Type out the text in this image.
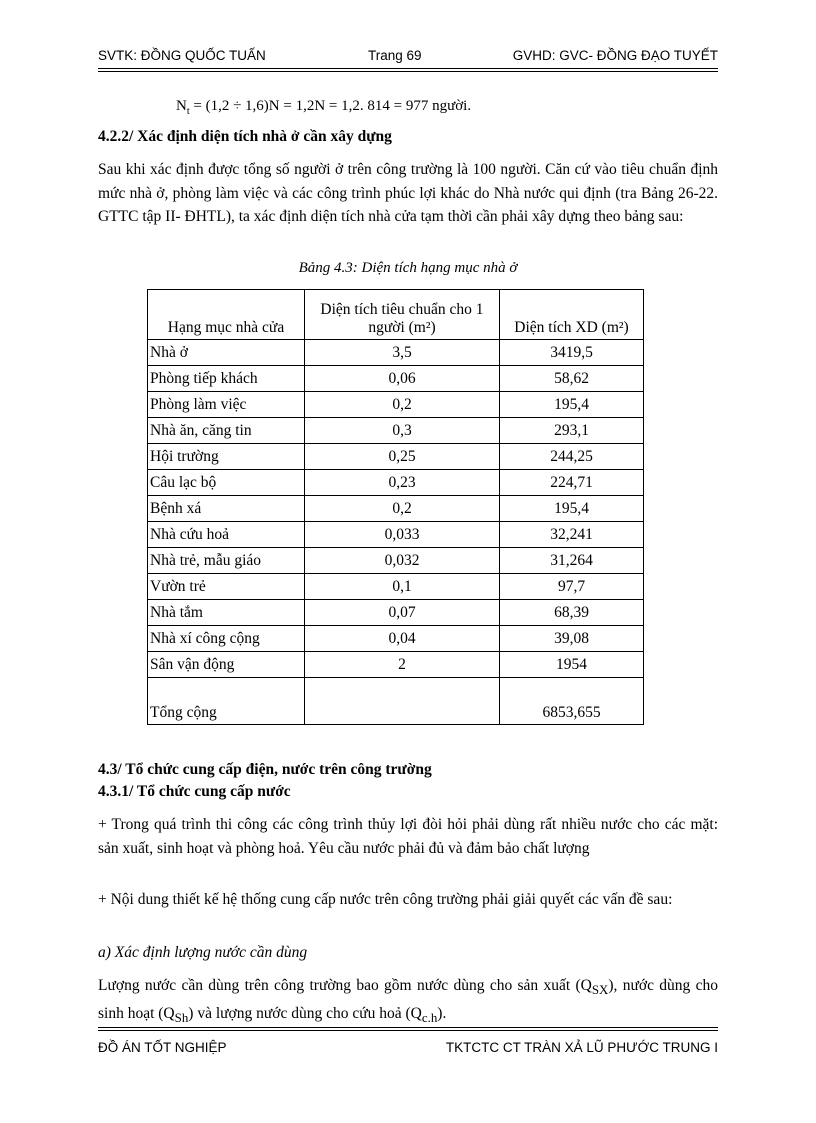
SVTK: ĐỒNG QUỐC TUẤN	Trang 69	GVHD: GVC- ĐỒNG ĐẠO TUYẾT
$N_t = (1,2 \div 1,6)N = 1,2N = 1,2$. 814 = 977 người.
4.2.2/ Xác định diện tích nhà ở cần xây dựng
Sau khi xác định được tổng số người ở trên công trường là 100 người. Căn cứ vào tiêu chuẩn định mức nhà ở, phòng làm việc và các công trình phúc lợi khác do Nhà nước qui định (tra Bảng 26-22. GTTC tập II- ĐHTL), ta xác định diện tích nhà cửa tạm thời cần phải xây dựng theo bảng sau:
Bảng 4.3: Diện tích hạng mục nhà ở
Hạng mục nhà cửa	Diện tích tiêu chuẩn cho 1 người (m²)	Diện tích XD (m²)
Nhà ở	3,5	3419,5
Phòng tiếp khách	0,06	58,62
Phòng làm việc	0,2	195,4
Nhà ăn, căng tin	0,3	293,1
Hội trường	0,25	244,25
Câu lạc bộ	0,23	224,71
Bệnh xá	0,2	195,4
Nhà cứu hoả	0,033	32,241
Nhà trẻ, mẫu giáo	0,032	31,264
Vườn trẻ	0,1	97,7
Nhà tắm	0,07	68,39
Nhà xí công cộng	0,04	39,08
Sân vận động	2	1954
Tổng cộng		6853,655
4.3/ Tổ chức cung cấp điện, nước trên công trường
4.3.1/ Tổ chức cung cấp nước
+ Trong quá trình thi công các công trình thủy lợi đòi hỏi phải dùng rất nhiều nước cho các mặt: sản xuất, sinh hoạt và phòng hoả. Yêu cầu nước phải đủ và đảm bảo chất lượng
+ Nội dung thiết kế hệ thống cung cấp nước trên công trường phải giải quyết các vấn đề sau:
a) Xác định lượng nước cần dùng
Lượng nước cần dùng trên công trường bao gồm nước dùng cho sản xuất $(Q_{SX})$, nước dùng cho sinh hoạt $(Q_{Sh})$ và lượng nước dùng cho cứu hoả $(Q_{c.h})$.
ĐỒ ÁN TỐT NGHIỆP	TKTCTC CT TRÀN XẢ LŨ PHƯỚC TRUNG I
